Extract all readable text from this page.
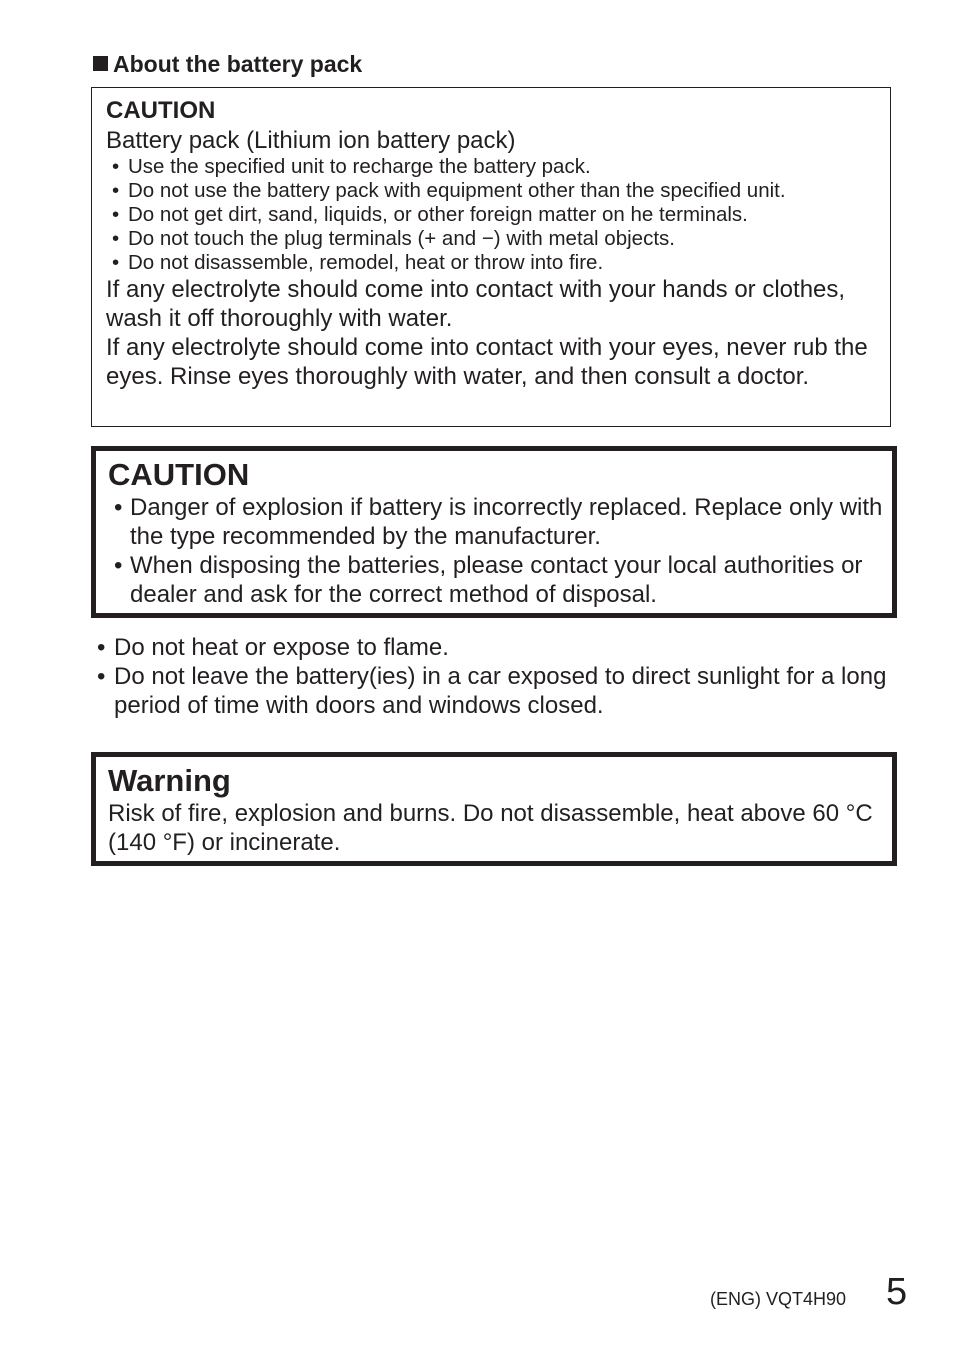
About the battery pack
CAUTION
Battery pack (Lithium ion battery pack)
• Use the specified unit to recharge the battery pack.
• Do not use the battery pack with equipment other than the specified unit.
• Do not get dirt, sand, liquids, or other foreign matter on he terminals.
• Do not touch the plug terminals (+ and −) with metal objects.
• Do not disassemble, remodel, heat or throw into fire.

If any electrolyte should come into contact with your hands or clothes, wash it off thoroughly with water.

If any electrolyte should come into contact with your eyes, never rub the eyes. Rinse eyes thoroughly with water, and then consult a doctor.

CAUTION
• Danger of explosion if battery is incorrectly replaced. Replace only with the type recommended by the manufacturer.
• When disposing the batteries, please contact your local authorities or dealer and ask for the correct method of disposal.
• Do not heat or expose to flame.
• Do not leave the battery(ies) in a car exposed to direct sunlight for a long period of time with doors and windows closed.
Warning
Risk of fire, explosion and burns. Do not disassemble, heat above 60 °C (140 °F) or incinerate.
(ENG) VQT4H90 5
